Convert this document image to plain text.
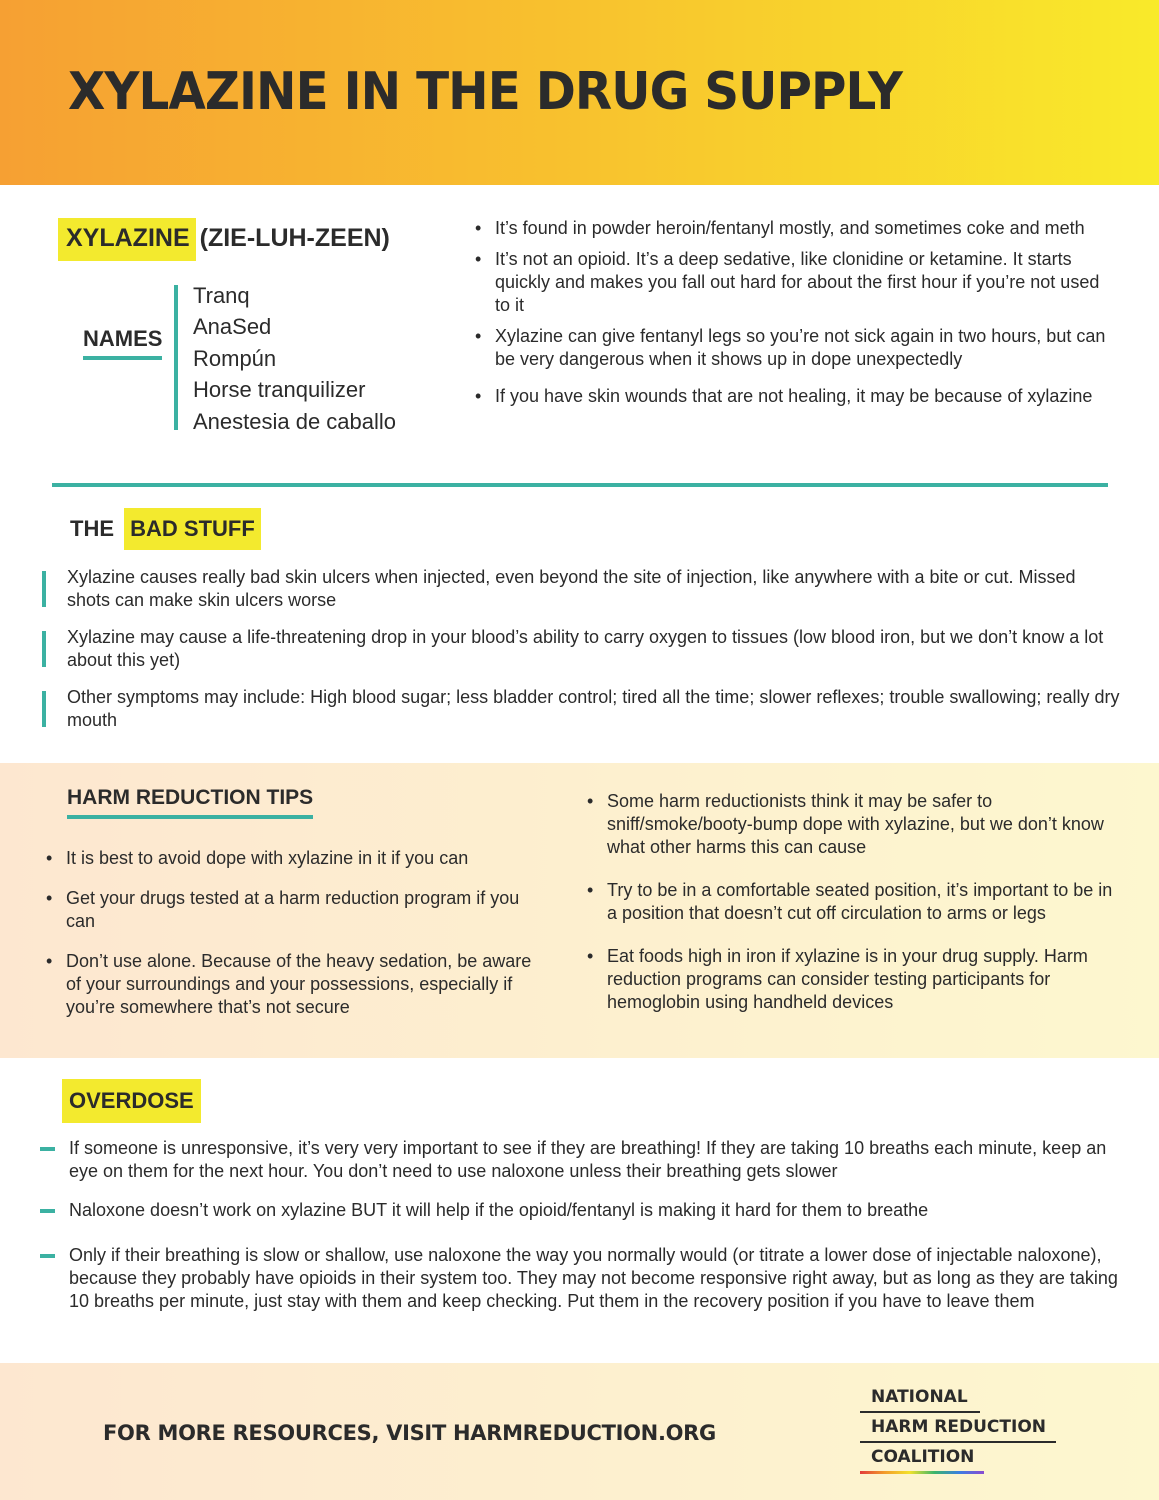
XYLAZINE IN THE DRUG SUPPLY
XYLAZINE (ZIE-LUH-ZEEN)
NAMES
Tranq
AnaSed
Rompún
Horse tranquilizer
Anestesia de caballo
• It’s found in powder heroin/fentanyl mostly, and sometimes coke and meth
• It’s not an opioid. It’s a deep sedative, like clonidine or ketamine. It starts quickly and makes you fall out hard for about the first hour if you’re not used to it
• Xylazine can give fentanyl legs so you’re not sick again in two hours, but can be very dangerous when it shows up in dope unexpectedly
• If you have skin wounds that are not healing, it may be because of xylazine
THE BAD STUFF
Xylazine causes really bad skin ulcers when injected, even beyond the site of injection, like anywhere with a bite or cut. Missed shots can make skin ulcers worse
Xylazine may cause a life-threatening drop in your blood’s ability to carry oxygen to tissues (low blood iron, but we don’t know a lot about this yet)
Other symptoms may include: High blood sugar; less bladder control; tired all the time; slower reflexes; trouble swallowing; really dry mouth
HARM REDUCTION TIPS
• It is best to avoid dope with xylazine in it if you can
• Get your drugs tested at a harm reduction program if you can
• Don’t use alone. Because of the heavy sedation, be aware of your surroundings and your possessions, especially if you’re somewhere that’s not secure
• Some harm reductionists think it may be safer to sniff/smoke/booty-bump dope with xylazine, but we don’t know what other harms this can cause
• Try to be in a comfortable seated position, it’s important to be in a position that doesn’t cut off circulation to arms or legs
• Eat foods high in iron if xylazine is in your drug supply. Harm reduction programs can consider testing participants for hemoglobin using handheld devices
OVERDOSE
If someone is unresponsive, it’s very very important to see if they are breathing! If they are taking 10 breaths each minute, keep an eye on them for the next hour. You don’t need to use naloxone unless their breathing gets slower
Naloxone doesn’t work on xylazine BUT it will help if the opioid/fentanyl is making it hard for them to breathe
Only if their breathing is slow or shallow, use naloxone the way you normally would (or titrate a lower dose of injectable naloxone), because they probably have opioids in their system too. They may not become responsive right away, but as long as they are taking 10 breaths per minute, just stay with them and keep checking. Put them in the recovery position if you have to leave them
FOR MORE RESOURCES, VISIT HARMREDUCTION.ORG
NATIONAL
HARM REDUCTION
COALITION
